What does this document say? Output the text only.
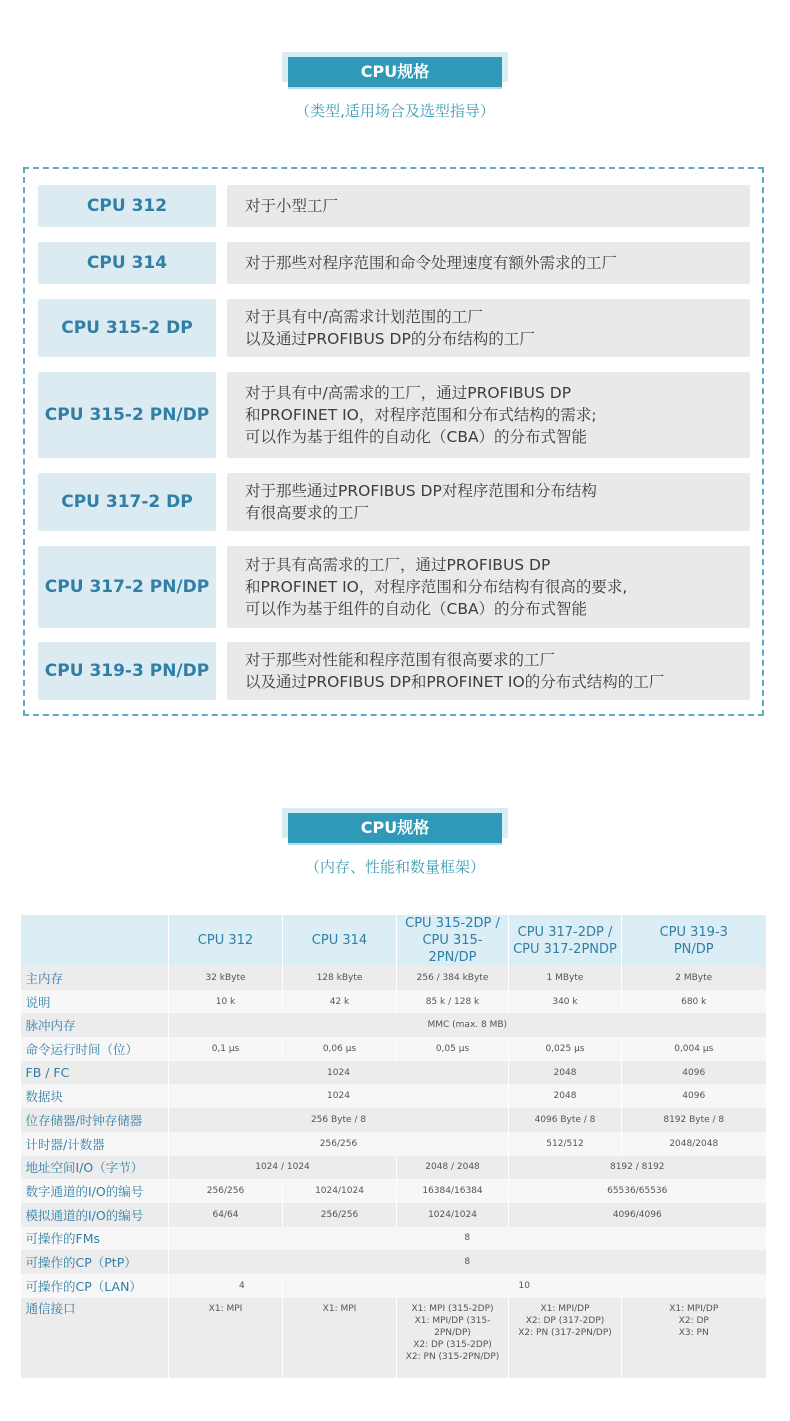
CPU规格
（类型,适用场合及选型指导）
CPU 312	对于小型工厂
CPU 314	对于那些对程序范围和命令处理速度有额外需求的工厂
CPU 315-2 DP
对于具有中/高需求计划范围的工厂
以及通过PROFIBUS DP的分布结构的工厂
CPU 315-2 PN/DP
对于具有中/高需求的工厂，通过PROFIBUS DP
和PROFINET IO，对程序范围和分布式结构的需求;
可以作为基于组件的自动化（CBA）的分布式智能
CPU 317-2 DP
对于那些通过PROFIBUS DP对程序范围和分布结构
有很高要求的工厂
CPU 317-2 PN/DP
对于具有高需求的工厂，通过PROFIBUS DP
和PROFINET IO，对程序范围和分布结构有很高的要求,
可以作为基于组件的自动化（CBA）的分布式智能
CPU 319-3 PN/DP
对于那些对性能和程序范围有很高要求的工厂
以及通过PROFIBUS DP和PROFINET IO的分布式结构的工厂
CPU规格
（内存、性能和数量框架）
	CPU 312	CPU 314	CPU 315-2DP /
CPU 315-2PN/DP	CPU 317-2DP /
CPU 317-2PNDP	CPU 319-3
PN/DP
主内存	32 kByte	128 kByte	256 / 384 kByte	1 MByte	2 MByte
说明	10 k	42 k	85 k / 128 k	340 k	680 k
脉冲内存	MMC (max. 8 MB)				
命令运行时间（位）	0,1 µs	0,06 µs	0,05 µs	0,025 µs	0,004 µs
FB / FC	1024			2048	4096
数据块	1024			2048	4096
位存储器/时钟存储器	256 Byte / 8			4096 Byte / 8	8192 Byte / 8
计时器/计数器	256/256			512/512	2048/2048
地址空间I/O（字节）	1024 / 1024		2048 / 2048	8192 / 8192	
数字通道的I/O的编号	256/256	1024/1024	16384/16384	65536/65536	
模拟通道的I/O的编号	64/64	256/256	1024/1024	4096/4096	
可操作的FMs	8				
可操作的CP（PtP）	8				
可操作的CP（LAN）	4	10			
通信接口	X1: MPI	X1: MPI	X1: MPI (315-2DP)
X1: MPI/DP (315-
2PN/DP)
X2: DP (315-2DP)
X2: PN (315-2PN/DP)	X1: MPI/DP
X2: DP (317-2DP)
X2: PN (317-2PN/DP)	X1: MPI/DP
X2: DP
X3: PN
